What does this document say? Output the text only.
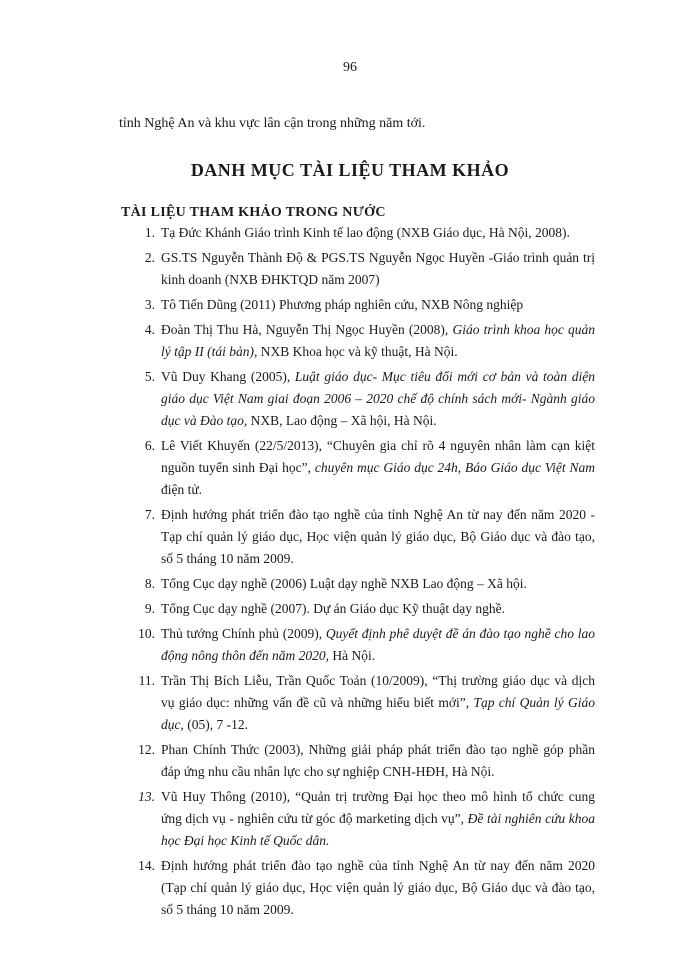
96
tỉnh Nghệ An và khu vực lân cận trong những năm tới.
DANH MỤC TÀI LIỆU THAM KHẢO
TÀI LIỆU THAM KHẢO TRONG NƯỚC
1. Tạ Đức Khánh Giáo trình Kinh tế lao động (NXB Giáo dục, Hà Nội, 2008).
2. GS.TS Nguyễn Thành Độ & PGS.TS Nguyễn Ngọc Huyền -Giáo trình quản trị kinh doanh (NXB ĐHKTQD năm 2007)
3. Tô Tiến Dũng (2011) Phương pháp nghiên cứu, NXB Nông nghiệp
4. Đoàn Thị Thu Hà, Nguyễn Thị Ngọc Huyền (2008), Giáo trình khoa học quản lý tập II (tái bản), NXB Khoa học và kỹ thuật, Hà Nội.
5. Vũ Duy Khang (2005), Luật giáo dục- Mục tiêu đổi mới cơ bản và toàn diện giáo dục Việt Nam giai đoạn 2006 – 2020 chế độ chính sách mới- Ngành giáo dục và Đào tạo, NXB, Lao động – Xã hội, Hà Nội.
6. Lê Viết Khuyến (22/5/2013), “Chuyên gia chỉ rõ 4 nguyên nhân làm cạn kiệt nguồn tuyển sinh Đại học”, chuyên mục Giáo dục 24h, Báo Giáo dục Việt Nam điện tử.
7. Định hướng phát triển đào tạo nghề của tỉnh Nghệ An từ nay đến năm 2020 - Tạp chí quản lý giáo dục, Học viện quản lý giáo dục, Bộ Giáo dục và đào tạo, số 5 tháng 10 năm 2009.
8. Tổng Cục dạy nghề (2006) Luật dạy nghề NXB Lao động – Xã hội.
9. Tổng Cục dạy nghề (2007). Dự án Giáo dục Kỹ thuật dạy nghề.
10. Thủ tướng Chính phủ (2009), Quyết định phê duyệt đề án đào tạo nghề cho lao động nông thôn đến năm 2020, Hà Nội.
11. Trần Thị Bích Liễu, Trần Quốc Toản (10/2009), “Thị trường giáo dục và dịch vụ giáo dục: những vấn đề cũ và những hiểu biết mới”, Tạp chí Quản lý Giáo dục, (05), 7 -12.
12. Phan Chính Thức (2003), Những giải pháp phát triển đào tạo nghề góp phần đáp ứng nhu cầu nhân lực cho sự nghiệp CNH-HĐH, Hà Nội.
13. Vũ Huy Thông (2010), “Quản trị trường Đại học theo mô hình tổ chức cung ứng dịch vụ - nghiên cứu từ góc độ marketing dịch vụ”, Đề tài nghiên cứu khoa học Đại học Kinh tế Quốc dân.
14. Định hướng phát triển đào tạo nghề của tỉnh Nghệ An từ nay đến năm 2020 (Tạp chí quản lý giáo dục, Học viện quản lý giáo dục, Bộ Giáo dục và đào tạo, số 5 tháng 10 năm 2009.
